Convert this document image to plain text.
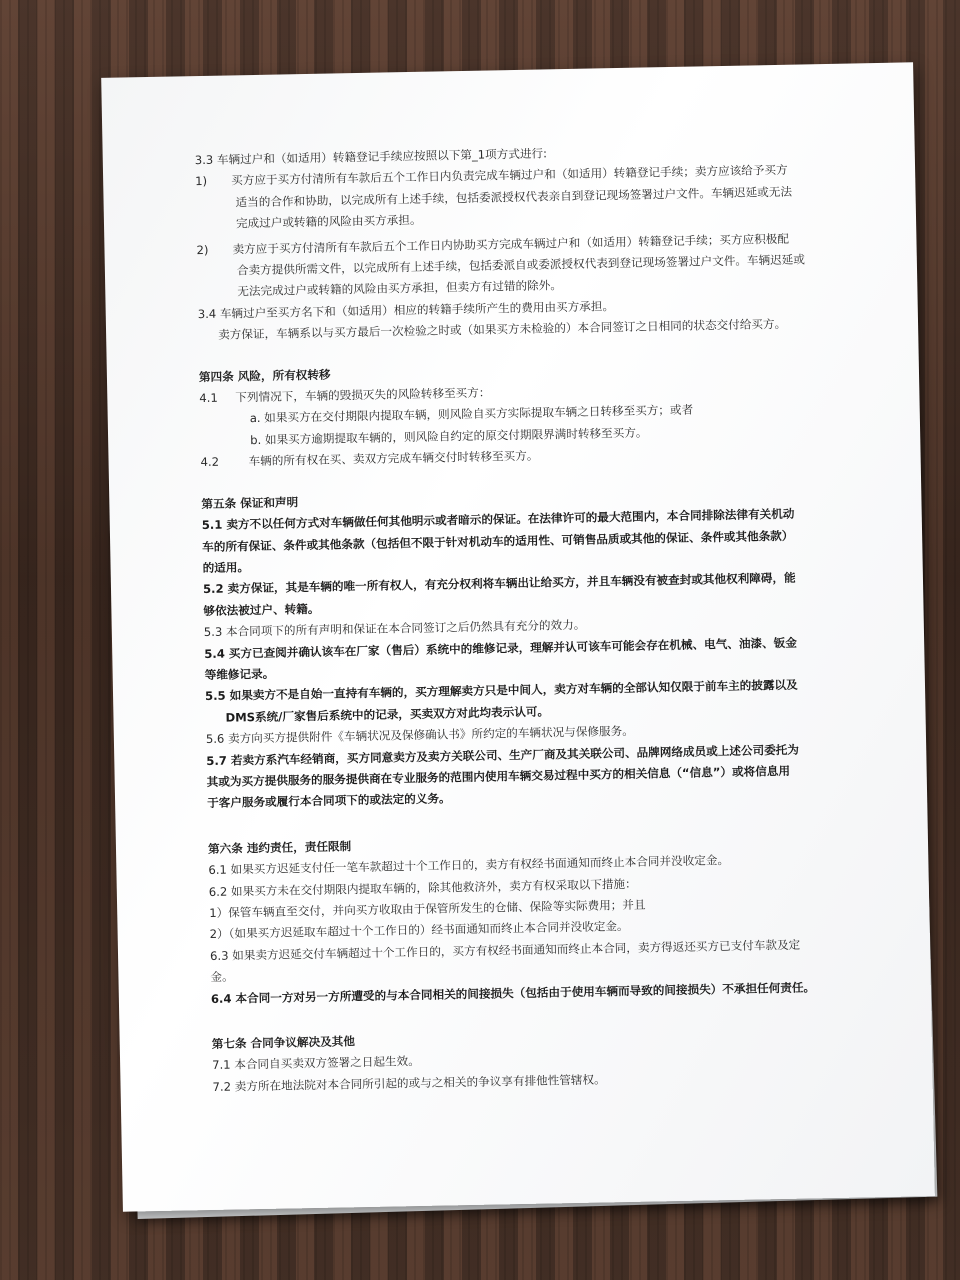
3.3 车辆过户和（如适用）转籍登记手续应按照以下第_1项方式进行:
1) 买方应于买方付清所有车款后五个工作日内负责完成车辆过户和（如适用）转籍登记手续；卖方应该给予买方
适当的合作和协助，以完成所有上述手续，包括委派授权代表亲自到登记现场签署过户文件。车辆迟延或无法
完成过户或转籍的风险由买方承担。
2) 卖方应于买方付清所有车款后五个工作日内协助买方完成车辆过户和（如适用）转籍登记手续；买方应积极配
合卖方提供所需文件，以完成所有上述手续，包括委派自或委派授权代表到登记现场签署过户文件。车辆迟延或
无法完成过户或转籍的风险由买方承担，但卖方有过错的除外。
3.4 车辆过户至买方名下和（如适用）相应的转籍手续所产生的费用由买方承担。
卖方保证，车辆系以与买方最后一次检验之时或（如果买方未检验的）本合同签订之日相同的状态交付给买方。
第四条 风险，所有权转移
4.1 下列情况下，车辆的毁损灭失的风险转移至买方：
a. 如果买方在交付期限内提取车辆，则风险自买方实际提取车辆之日转移至买方；或者
b. 如果买方逾期提取车辆的，则风险自约定的原交付期限界满时转移至买方。
4.2	车辆的所有权在买、卖双方完成车辆交付时转移至买方。
第五条 保证和声明
5.1 卖方不以任何方式对车辆做任何其他明示或者暗示的保证。在法律许可的最大范围内，本合同排除法律有关机动
车的所有保证、条件或其他条款（包括但不限于针对机动车的适用性、可销售品质或其他的保证、条件或其他条款）
的适用。
5.2 卖方保证，其是车辆的唯一所有权人，有充分权利将车辆出让给买方，并且车辆没有被查封或其他权利障碍，能
够依法被过户、转籍。
5.3 本合同项下的所有声明和保证在本合同签订之后仍然具有充分的效力。
5.4 买方已查阅并确认该车在厂家（售后）系统中的维修记录，理解并认可该车可能会存在机械、电气、油漆、钣金
等维修记录。
5.5 如果卖方不是自始一直持有车辆的，买方理解卖方只是中间人，卖方对车辆的全部认知仅限于前车主的披露以及
DMS系统/厂家售后系统中的记录，买卖双方对此均表示认可。
5.6 卖方向买方提供附件《车辆状况及保修确认书》所约定的车辆状况与保修服务。
5.7 若卖方系汽车经销商，买方同意卖方及卖方关联公司、生产厂商及其关联公司、品牌网络成员或上述公司委托为
其或为买方提供服务的服务提供商在专业服务的范围内使用车辆交易过程中买方的相关信息（“信息”）或将信息用
于客户服务或履行本合同项下的或法定的义务。
第六条 违约责任，责任限制
6.1 如果买方迟延支付任一笔车款超过十个工作日的，卖方有权经书面通知而终止本合同并没收定金。
6.2 如果买方未在交付期限内提取车辆的，除其他救济外，卖方有权采取以下措施：
1）保管车辆直至交付，并向买方收取由于保管所发生的仓储、保险等实际费用；并且
2）（如果买方迟延取车超过十个工作日的）经书面通知而终止本合同并没收定金。
6.3 如果卖方迟延交付车辆超过十个工作日的，买方有权经书面通知而终止本合同，卖方得返还买方已支付车款及定
金。
6.4 本合同一方对另一方所遭受的与本合同相关的间接损失（包括由于使用车辆而导致的间接损失）不承担任何责任。
第七条 合同争议解决及其他
7.1 本合同自买卖双方签署之日起生效。
7.2 卖方所在地法院对本合同所引起的或与之相关的争议享有排他性管辖权。
